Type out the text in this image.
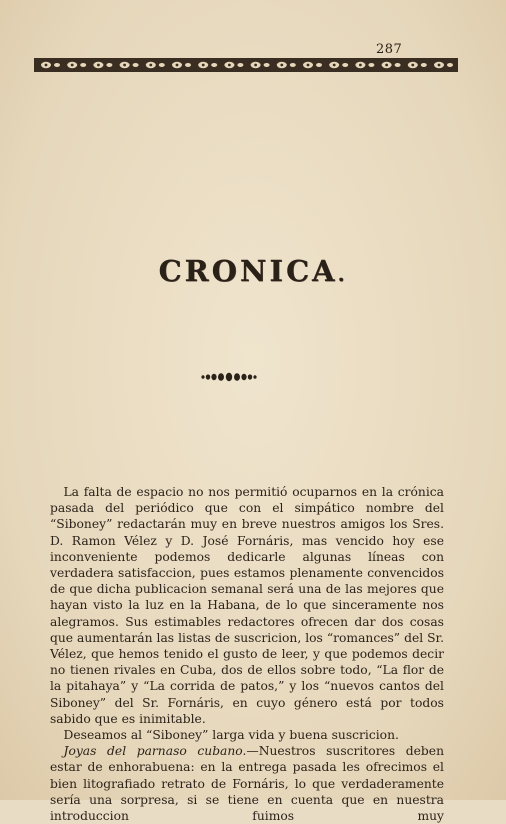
287
CRONICA.

La falta de espacio no nos permitió ocuparnos en la crónica pasada del periódico que con el simpático nombre del “Siboney” redactarán muy en breve nuestros amigos los Sres. D. Ramon Vélez y D. José Fornáris, mas vencido hoy ese inconveniente podemos dedicarle algunas líneas con verdadera satisfaccion, pues estamos plenamente convencidos de que dicha publicacion semanal será una de las mejores que hayan visto la luz en la Habana, de lo que sinceramente nos alegramos. Sus estimables redactores ofrecen dar dos cosas que aumentarán las listas de suscricion, los “romances” del Sr. Vélez, que hemos tenido el gusto de leer, y que podemos decir no tienen rivales en Cuba, dos de ellos sobre todo, “La flor de la pitahaya” y “La corrida de patos,” y los “nuevos cantos del Siboney” del Sr. Fornáris, en cuyo género está por todos sabido que es inimitable.

Deseamos al “Siboney” larga vida y buena suscricion.

Joyas del parnaso cubano.—Nuestros suscritores deben estar de enhorabuena: en la entrega pasada les ofrecimos el bien litografiado retrato de Fornáris, lo que verdaderamente sería una sorpresa, si se tiene en cuenta que en nuestra introduccion fuimos muy
